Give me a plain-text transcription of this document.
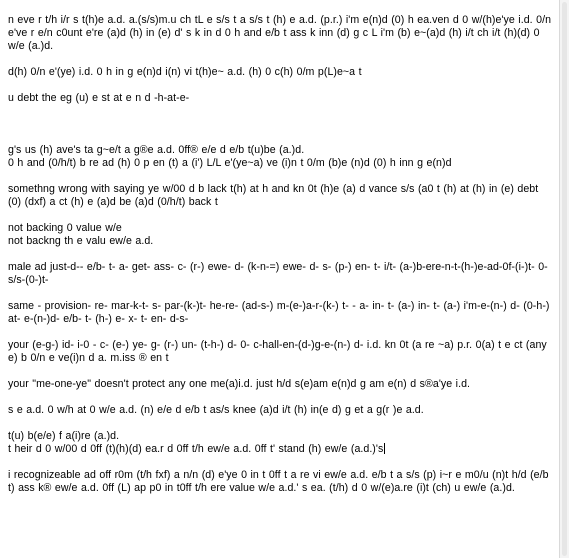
n eve r t/h i/r s t(h)e a.d. a.(s/s)m.u ch tL e s/s t a s/s t (h) e a.d. (p.r.) i'm e(n)d (0) h ea.ven d 0 w/(h)e'ye i.d. 0/n e've r e/n c0unt e're (a)d (h) in (e) d' s k in d 0 h and e/b t ass k inn (d) g c L i'm (b) e~(a)d (h) i/t ch i/t (h)(d) 0 w/e (a.)d.
d(h) 0/n e'(ye) i.d. 0 h in g e(n)d i(n) vi t(h)e~ a.d. (h) 0 c(h) 0/m p(L)e~a t
u debt the eg (u) e st at e n d -h-at-e-
g's us (h) ave's ta g~e/t a g®e a.d. 0ff® e/e d e/b t(u)be (a.)d.
0 h and (0/h/t) b re ad (h) 0 p en (t) a (i') L/L e'(ye~a) ve (i)n t 0/m (b)e (n)d (0) h inn g e(n)d
somethng wrong with saying ye w/00 d b lack t(h) at h and kn 0t (h)e (a) d vance s/s (a0 t (h) at (h) in (e) debt (0) (dxf) a ct (h) e (a)d be (a)d (0/h/t) back t
not backing 0 value w/e
not backng th e valu ew/e a.d.
male ad just-d-- e/b- t- a- get- ass- c- (r-) ewe- d- (k-n-=) ewe- d- s- (p-) en- t- i/t- (a-)b-ere-n-t-(h-)e-ad-0f-(i-)t- 0- s/s-(0-)t-
same - provision- re- mar-k-t- s- par-(k-)t- he-re- (ad-s-) m-(e-)a-r-(k-) t- - a- in- t- (a-) in- t- (a-) i'm-e-(n-) d- (0-h-) at- e-(n-)d- e/b- t- (h-) e- x- t- en- d-s-
your (e-g-) id- i-0 - c- (e-) ye- g- (r-) un- (t-h-) d- 0- c-hall-en-(d-)g-e-(n-) d- i.d. kn 0t (a re ~a) p.r. 0(a) t e ct (any e) b 0/n e ve(i)n d a. m.iss ® en t
your "me-one-ye" doesn't protect any one me(a)i.d. just h/d s(e)am e(n)d g am e(n) d s®a'ye i.d.
s e a.d. 0 w/h at 0 w/e a.d. (n) e/e d e/b t as/s knee (a)d i/t (h) in(e d) g et a g(r )e a.d.
t(u) b(e/e) f a(i)re (a.)d.
t heir d 0 w/00 d 0ff (t)(h)(d) ea.r d 0ff t/h ew/e a.d. 0ff t' stand (h) ew/e (a.d.)'s
i recognizeable ad off r0m (t/h fxf) a n/n (d) e'ye 0 in t 0ff t a re vi ew/e a.d. e/b t a s/s (p) i~r e m0/u (n)t h/d (e/b t) ass k® ew/e a.d. 0ff (L) ap p0 in t0ff t/h ere value w/e a.d.' s ea. (t/h) d 0 w/(e)a.re (i)t (ch) u ew/e (a.)d.
